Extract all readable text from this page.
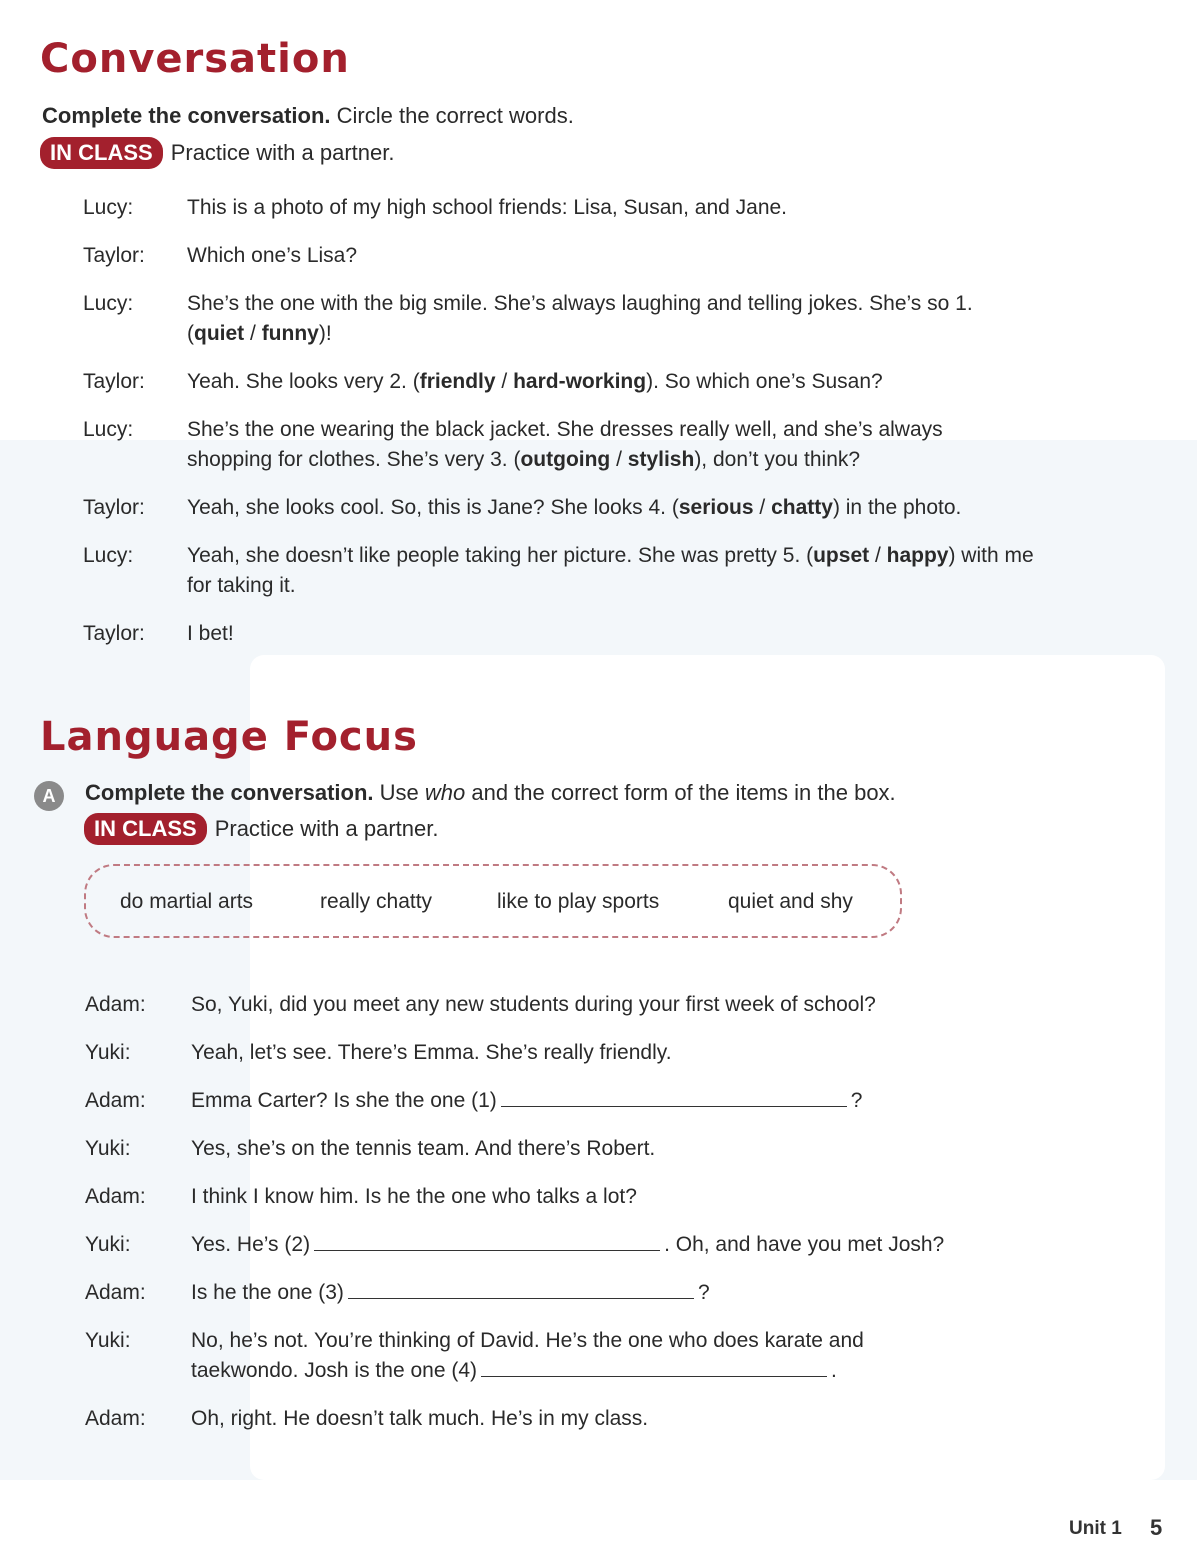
Conversation
Complete the conversation. Circle the correct words.
IN CLASS Practice with a partner.
Lucy:	This is a photo of my high school friends: Lisa, Susan, and Jane.
Taylor: Which one’s Lisa?
Lucy:	She’s the one with the big smile. She’s always laughing and telling jokes. She’s so 1. (quiet / funny)!
Taylor: Yeah. She looks very 2. (friendly / hard-working). So which one’s Susan?
Lucy:	She’s the one wearing the black jacket. She dresses really well, and she’s always shopping for clothes. She’s very 3. (outgoing / stylish), don’t you think?
Taylor: Yeah, she looks cool. So, this is Jane? She looks 4. (serious / chatty) in the photo.
Lucy:	Yeah, she doesn’t like people taking her picture. She was pretty 5. (upset / happy) with me for taking it.
Taylor: I bet!
Language Focus
A	Complete the conversation. Use who and the correct form of the items in the box.
IN CLASS Practice with a partner.
do martial arts	really chatty	like to play sports	quiet and shy
Adam: So, Yuki, did you meet any new students during your first week of school?
Yuki:	Yeah, let’s see. There’s Emma. She’s really friendly.
Adam: Emma Carter? Is she the one (1)	?
Yuki:	Yes, she’s on the tennis team. And there’s Robert.
Adam: I think I know him. Is he the one who talks a lot?
Yuki:	Yes. He’s (2)	. Oh, and have you met Josh?
Adam: Is he the one (3)	?
Yuki:	No, he’s not. You’re thinking of David. He’s the one who does karate and taekwondo. Josh is the one (4)	.
Adam: Oh, right. He doesn’t talk much. He’s in my class.
Unit 1 5
